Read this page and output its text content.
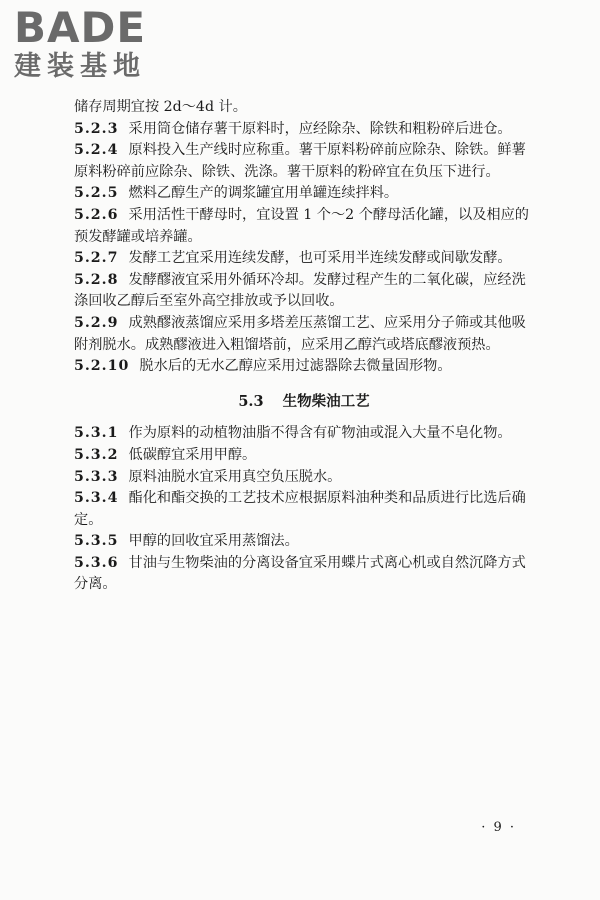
BADE
建装基地

储存周期宜按 2d～4d 计。

5.2.3 采用筒仓储存薯干原料时，应经除杂、除铁和粗粉碎后进仓。

5.2.4 原料投入生产线时应称重。薯干原料粉碎前应除杂、除铁。鲜薯原料粉碎前应除杂、除铁、洗涤。薯干原料的粉碎宜在负压下进行。

5.2.5 燃料乙醇生产的调浆罐宜用单罐连续拌料。

5.2.6 采用活性干酵母时，宜设置 1 个～2 个酵母活化罐，以及相应的预发酵罐或培养罐。

5.2.7 发酵工艺宜采用连续发酵，也可采用半连续发酵或间歇发酵。

5.2.8 发酵醪液宜采用外循环冷却。发酵过程产生的二氧化碳，应经洗涤回收乙醇后至室外高空排放或予以回收。

5.2.9 成熟醪液蒸馏应采用多塔差压蒸馏工艺、应采用分子筛或其他吸附剂脱水。成熟醪液进入粗馏塔前，应采用乙醇汽或塔底醪液预热。

5.2.10 脱水后的无水乙醇应采用过滤器除去微量固形物。

5.3 生物柴油工艺

5.3.1 作为原料的动植物油脂不得含有矿物油或混入大量不皂化物。

5.3.2 低碳醇宜采用甲醇。

5.3.3 原料油脱水宜采用真空负压脱水。

5.3.4 酯化和酯交换的工艺技术应根据原料油种类和品质进行比选后确定。

5.3.5 甲醇的回收宜采用蒸馏法。

5.3.6 甘油与生物柴油的分离设备宜采用蝶片式离心机或自然沉降方式分离。

· 9 ·
